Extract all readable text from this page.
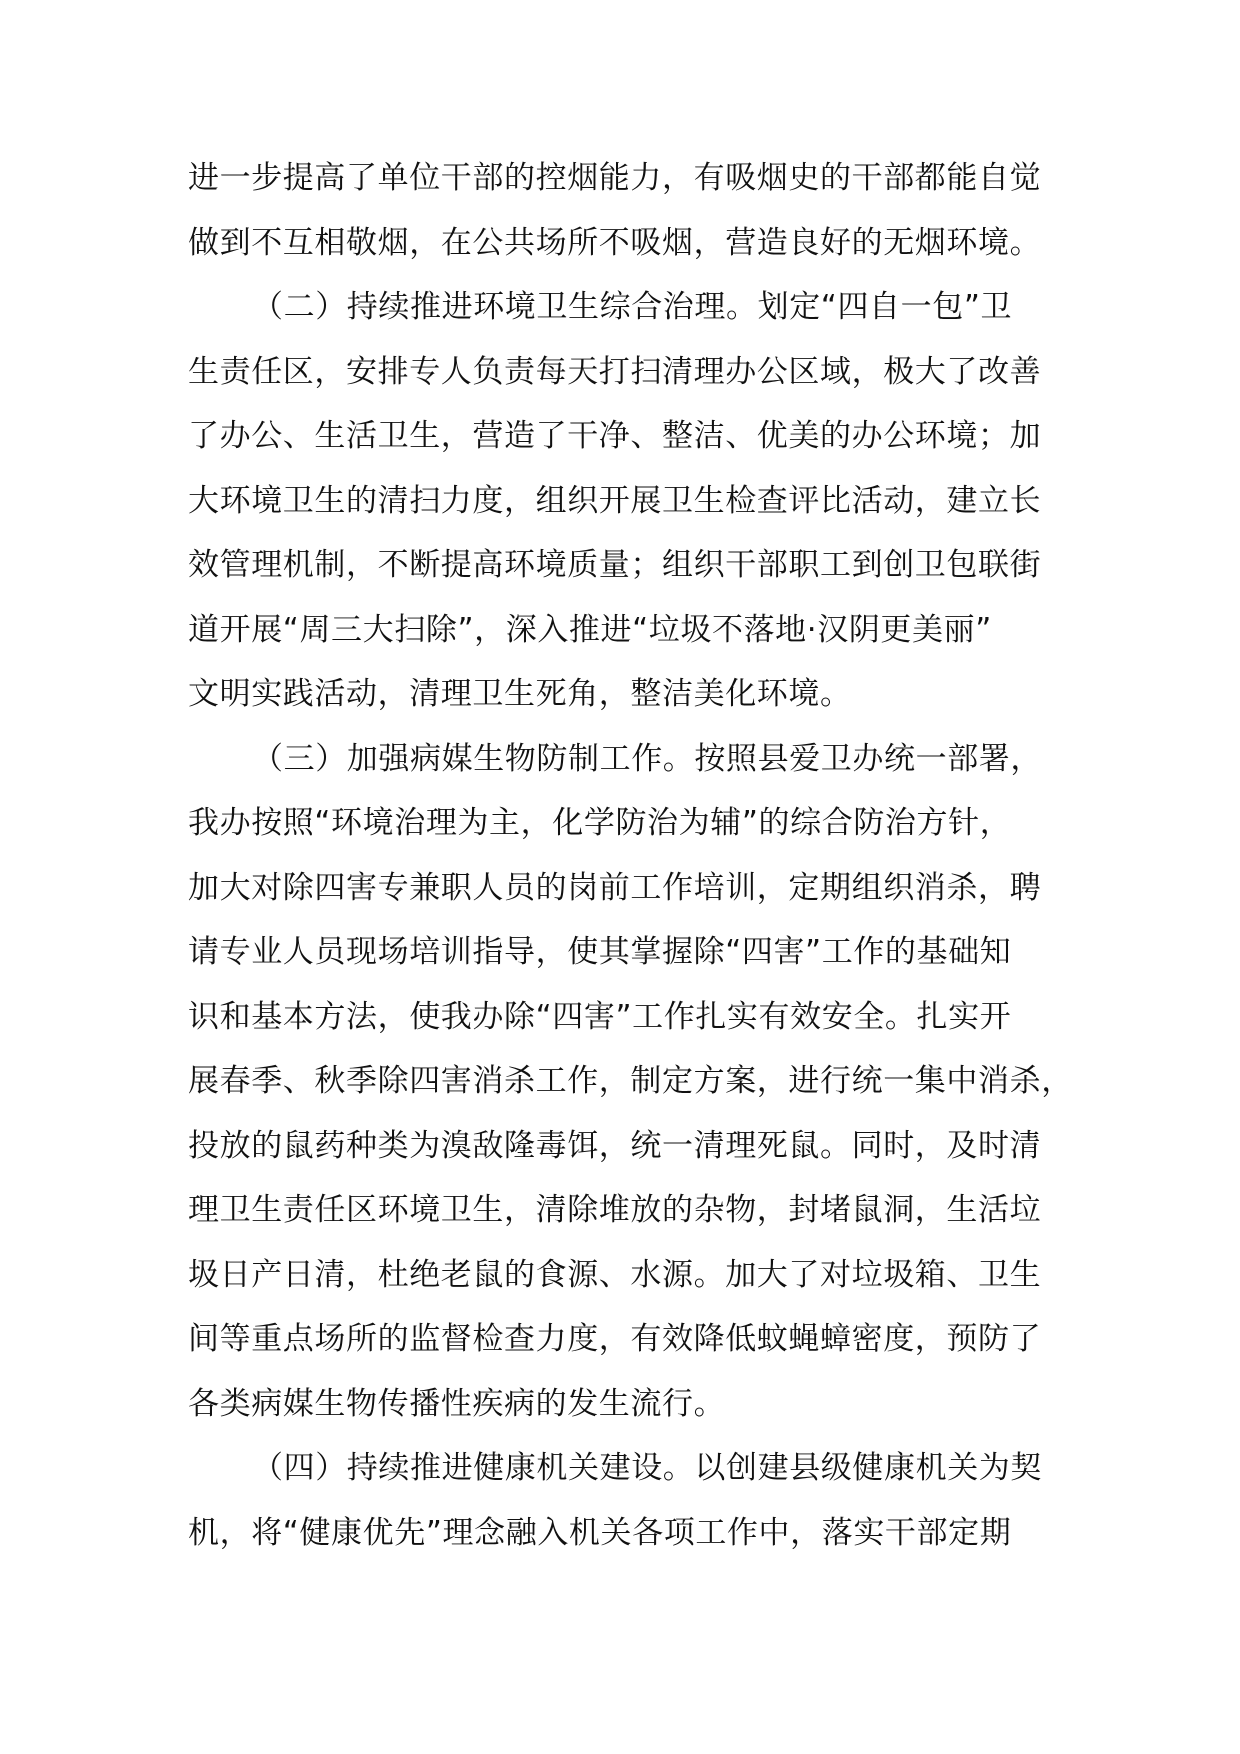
进一步提高了单位干部的控烟能力，有吸烟史的干部都能自觉
做到不互相敬烟，在公共场所不吸烟，营造良好的无烟环境。
（二）持续推进环境卫生综合治理。划定“四自一包”卫
生责任区，安排专人负责每天打扫清理办公区域，极大了改善
了办公、生活卫生，营造了干净、整洁、优美的办公环境；加
大环境卫生的清扫力度，组织开展卫生检查评比活动，建立长
效管理机制，不断提高环境质量；组织干部职工到创卫包联街
道开展“周三大扫除”，深入推进“垃圾不落地·汉阴更美丽”
文明实践活动，清理卫生死角，整洁美化环境。
（三）加强病媒生物防制工作。按照县爱卫办统一部署，
我办按照“环境治理为主，化学防治为辅”的综合防治方针，
加大对除四害专兼职人员的岗前工作培训，定期组织消杀，聘
请专业人员现场培训指导，使其掌握除“四害”工作的基础知
识和基本方法，使我办除“四害”工作扎实有效安全。扎实开
展春季、秋季除四害消杀工作，制定方案，进行统一集中消杀，
投放的鼠药种类为溴敌隆毒饵，统一清理死鼠。同时，及时清
理卫生责任区环境卫生，清除堆放的杂物，封堵鼠洞，生活垃
圾日产日清，杜绝老鼠的食源、水源。加大了对垃圾箱、卫生
间等重点场所的监督检查力度，有效降低蚊蝇蟑密度，预防了
各类病媒生物传播性疾病的发生流行。
（四）持续推进健康机关建设。以创建县级健康机关为契
机，将“健康优先”理念融入机关各项工作中，落实干部定期
